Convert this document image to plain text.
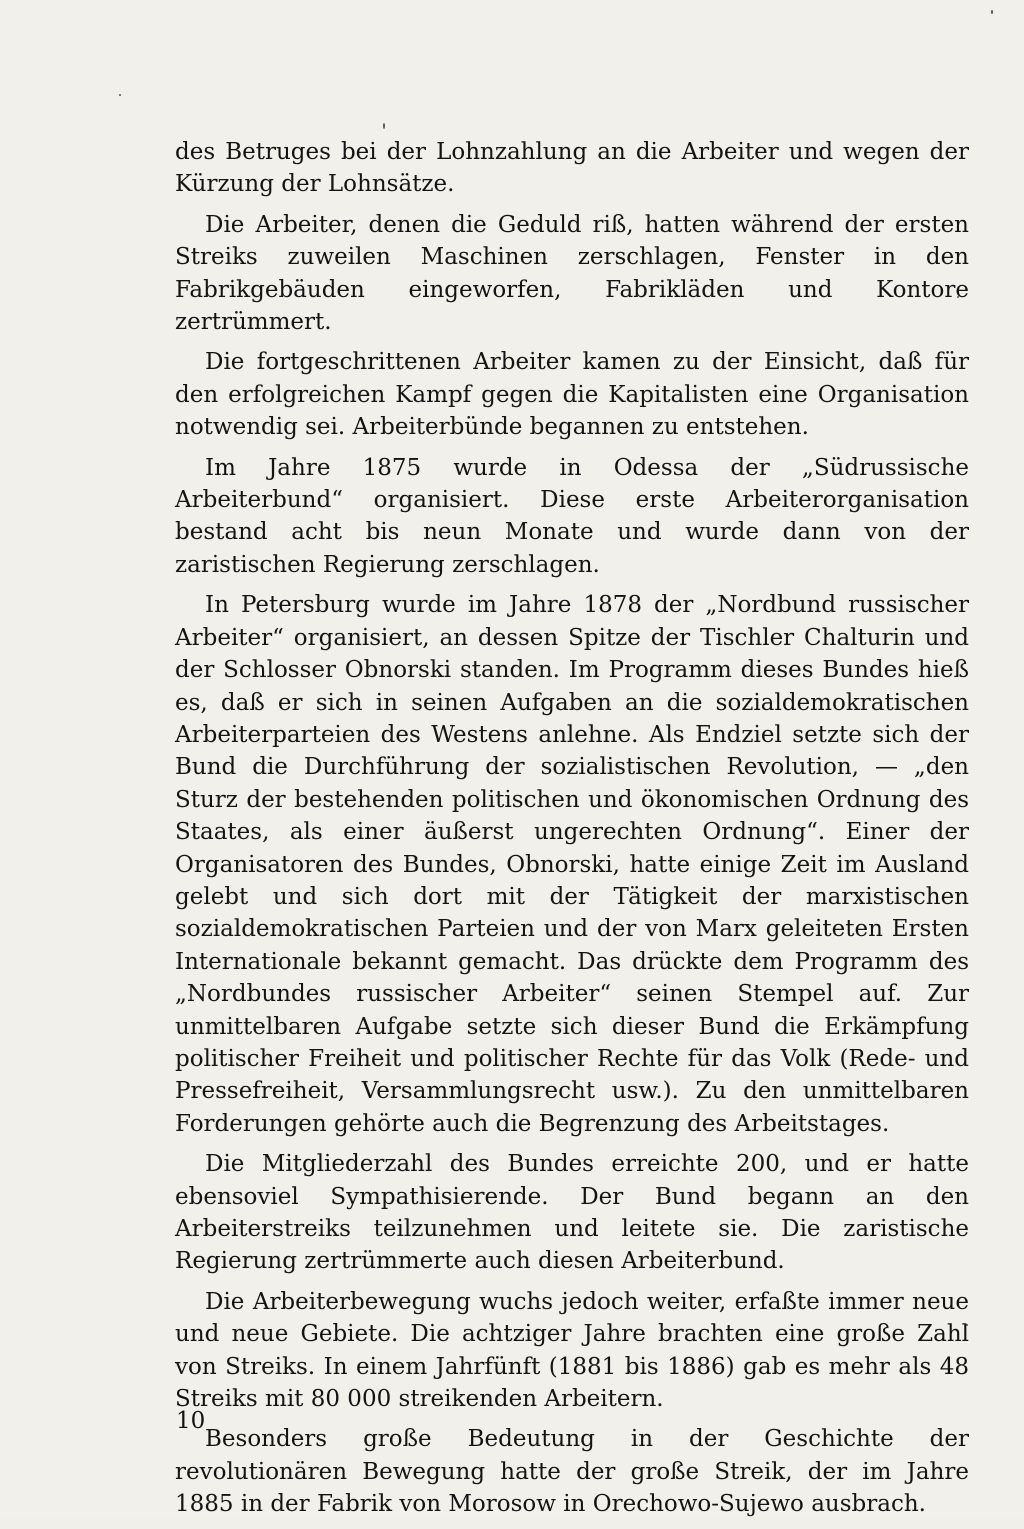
des Betruges bei der Lohnzahlung an die Arbeiter und wegen der Kürzung der Lohnsätze.

Die Arbeiter, denen die Geduld riß, hatten während der ersten Streiks zuweilen Maschinen zerschlagen, Fenster in den Fabrikgebäuden eingeworfen, Fabrikläden und Kontore zertrümmert.

Die fortgeschrittenen Arbeiter kamen zu der Einsicht, daß für den erfolgreichen Kampf gegen die Kapitalisten eine Organisation notwendig sei. Arbeiterbünde begannen zu entstehen.

Im Jahre 1875 wurde in Odessa der „Südrussische Arbeiterbund“ organisiert. Diese erste Arbeiterorganisation bestand acht bis neun Monate und wurde dann von der zaristischen Regierung zerschlagen.

In Petersburg wurde im Jahre 1878 der „Nordbund russischer Arbeiter“ organisiert, an dessen Spitze der Tischler Chalturin und der Schlosser Obnorski standen. Im Programm dieses Bundes hieß es, daß er sich in seinen Aufgaben an die sozialdemokratischen Arbeiterparteien des Westens anlehne. Als Endziel setzte sich der Bund die Durchführung der sozialistischen Revolution, — „den Sturz der bestehenden politischen und ökonomischen Ordnung des Staates, als einer äußerst ungerechten Ordnung“. Einer der Organisatoren des Bundes, Obnorski, hatte einige Zeit im Ausland gelebt und sich dort mit der Tätigkeit der marxistischen sozialdemokratischen Parteien und der von Marx geleiteten Ersten Internationale bekannt gemacht. Das drückte dem Programm des „Nordbundes russischer Arbeiter“ seinen Stempel auf. Zur unmittelbaren Aufgabe setzte sich dieser Bund die Erkämpfung politischer Freiheit und politischer Rechte für das Volk (Rede- und Pressefreiheit, Versammlungsrecht usw.). Zu den unmittelbaren Forderungen gehörte auch die Begrenzung des Arbeitstages.

Die Mitgliederzahl des Bundes erreichte 200, und er hatte ebensoviel Sympathisierende. Der Bund begann an den Arbeiterstreiks teilzunehmen und leitete sie. Die zaristische Regierung zertrümmerte auch diesen Arbeiterbund.

Die Arbeiterbewegung wuchs jedoch weiter, erfaßte immer neue und neue Gebiete. Die achtziger Jahre brachten eine große Zahl von Streiks. In einem Jahrfünft (1881 bis 1886) gab es mehr als 48 Streiks mit 80 000 streikenden Arbeitern.

Besonders große Bedeutung in der Geschichte der revolutionären Bewegung hatte der große Streik, der im Jahre 1885 in der Fabrik von Morosow in Orechowo-Sujewo ausbrach.

10
